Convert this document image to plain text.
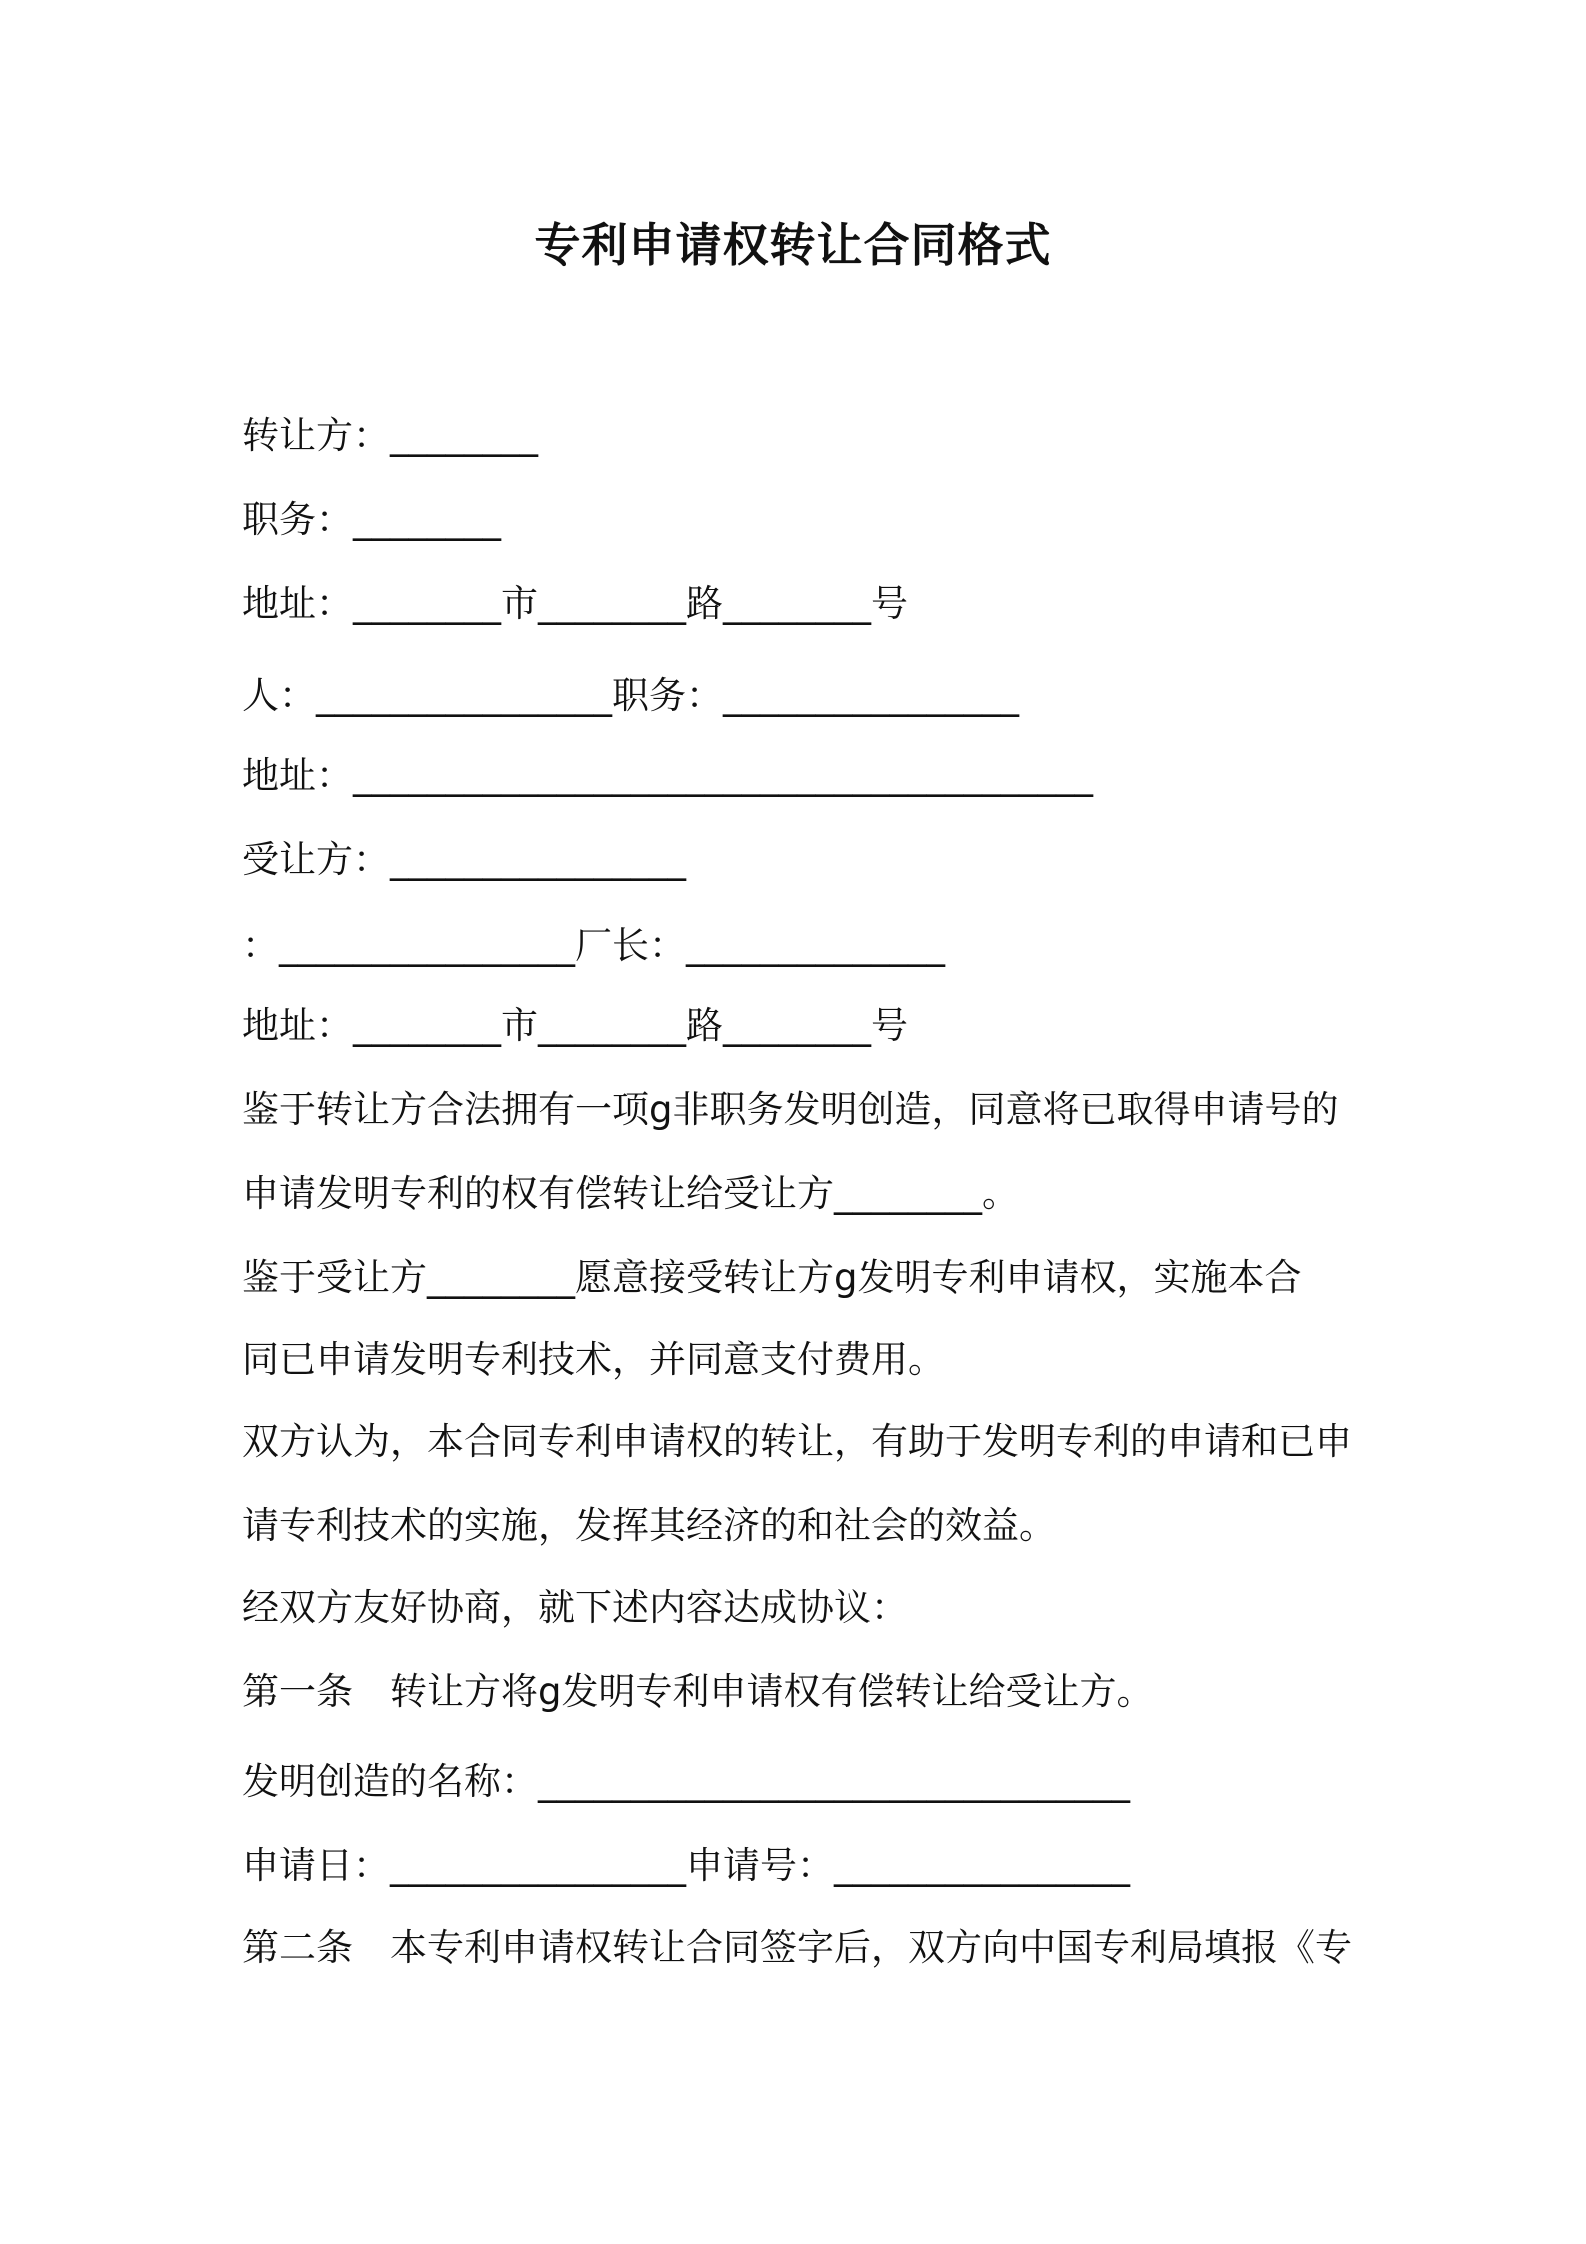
专利申请权转让合同格式

转让方：________

职务：________

地址：________市________路________号

人：________________职务：________________

地址：________________________________________

受让方：________________

：________________厂长：______________

地址：________市________路________号

鉴于转让方合法拥有一项g非职务发明创造，同意将已取得申请号的

申请发明专利的权有偿转让给受让方________。

鉴于受让方________愿意接受转让方g发明专利申请权，实施本合

同已申请发明专利技术，并同意支付费用。

双方认为，本合同专利申请权的转让，有助于发明专利的申请和已申

请专利技术的实施，发挥其经济的和社会的效益。

经双方友好协商，就下述内容达成协议：

第一条　转让方将g发明专利申请权有偿转让给受让方。

发明创造的名称：________________________________

申请日：________________申请号：________________

第二条　本专利申请权转让合同签字后，双方向中国专利局填报《专
